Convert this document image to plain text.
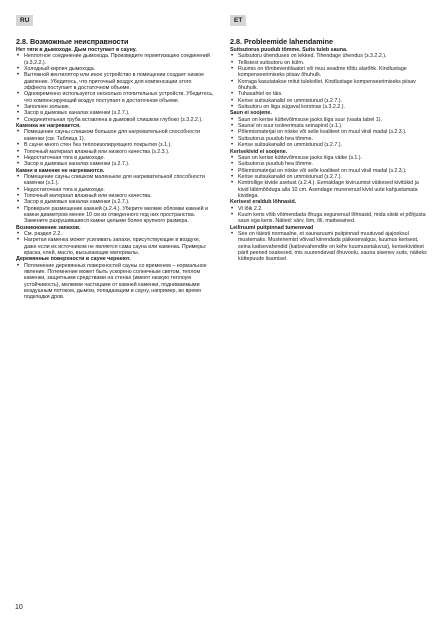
RU	ET
2.8. Возможные неисправности
Нет тяги в дымоходе. Дым поступает в сауну.
• Неплотное соединение дымохода. Произведите герметизацию соединений (з.3.2.2.).
• Холодный кирпич дымохода.
• Вытяжной вентилятор или иное устройство в помещении создает низкое давление. Убедитесь, что приточный воздух для компенсации этого эффекта поступает в достаточном объеме.
• Одновременно используется несколько отопительных устройств. Убедитесь, что компенсирующий воздух поступает в достаточном объеме.
• Заполнен зольник.
• Засор в дымовых каналах каменки (з.2.7.).
• Соединительная труба вставлена в дымовой слишком глубоко (з.3.2.2.).
Каменка не нагревается.
• Помещение сауны слишком большое для нагревательной способности каменки (см. Таблица 1).
• В сауне много стен без теплоизолирующего покрытия (з.1.).
• Топочный материал влажный или низкого качества (з.2.3.).
• Недостаточная тяга в дымоходе.
• Засор в дымовых каналах каменки (з.2.7.).
Камни в каменке не нагреваются.
• Помещение сауны слишком маленькое для нагревательной способности каменки (з.1.).
• Недостаточная тяга в дымоходе.
• Топочный материал влажный или низкого качества.
• Засор в дымовых каналах каменки (з.2.7.).
• Проверьте размещение камней (з.2.4.). Уберите мелкие обломки камней и камни диаметром менее 10 см из отведенного под них пространства. Замените разрушившиеся камни целыми более крупного размера.
Возникновение запахов.
• См. раздел 2.2.
• Нагретая каменка может усиливать запахи, присутствующие в воздухе, даже если их источником не является сама сауна или каменка. Примеры: краска, клей, масло, высыхающие материалы.
Деревянные поверхности в сауне чернеют.
• Потемнение деревянных поверхностей сауны со временем – нормальное явление. Потемнение может быть ускорено солнечным светом, теплом каменки, защитными средствами на стенах (имеют низкую теплоую устойчивость), мелкими частицами от камней каменки, поднимаемыми воздушным потоком, дымом, попадающим в сауну, например, во время подкладки дров.
2.8. Probleemide lahendamine
Suitsutorus puudub tõmme. Suits tuleb sauna.
• Suitsutoru ühenduses on lekked. Tihendage ühendus (з.3.2.2.).
• Tellistest suitsutoru on külm.
• Ruumis on tõmbeventilaatori või muu seadme tõttu alarõhk. Kindlustage kompenseerimiseks piisav õhuhulk.
• Korraga kasutatakse mitut tulekollet. Kindlustage kompenseerimiseks piisav õhuhulk.
• Tuhasahtel on täis.
• Kerise suitsukanalid on ummistunud (з.2.7.).
• Suitsutoru on liiga sügaval korstnas (з.3.2.2.).
Saun ei soojene.
• Saun on kerise küttevõimsuse jaoks liiga suur (vaata tabel 1).
• Saunal on suur isoleerimata seinapind (з.1.).
• Põlemismaterjal on niiske või selle kvaliteet on muul viisil madal (з.2.3.).
• Suitsutorus puudub hea tõmme.
• Kerise suitsukanalid on ummistunud (з.2.7.).
Kerisekivid ei soojene.
• Saun on kerise küttevõimsuse jaoks liiga väike (з.1.).
• Suitsutorus puudub hea tõmme.
• Põlemismaterjal on niiske või selle kvaliteet on muul viisil madal (з.2.3.).
• Kerise suitsukanalid on ummistunud (з.2.7.).
• Kontrollige kivide asetust (з.2.4.). Eemaldage kiviruumist väikesed kivitükid ja kivid läbimõõduga alla 10 cm. Asendage murenenud kivid uute kahjustamata kividega.
Kerisest eraldub lõhnasid.
• Vt lõik 2.2.
• Kuum keris võib võimendada õhuga segunenud lõhnasid, mida siiski ei põhjusta saun ega keris. Näited: värv, liim, õli, maitseained.
Leiliruumi puitpinnad tumenevad
• See on täiesti normaalne, et saunaruumi puitpinnad muutuvad ajajooksul mustemaks. Mustenemist võivad kiirendada päikesevalgus, kuumus kerisest, seina kaitsevahendid (kaitsevahendite on kehv kuumusetaluvus), kerisekividest pärit peened osakesed, mis suurendavad õhuvoolu, sauna sisenev suits, näiteks küttepuude lisamisel.
10
